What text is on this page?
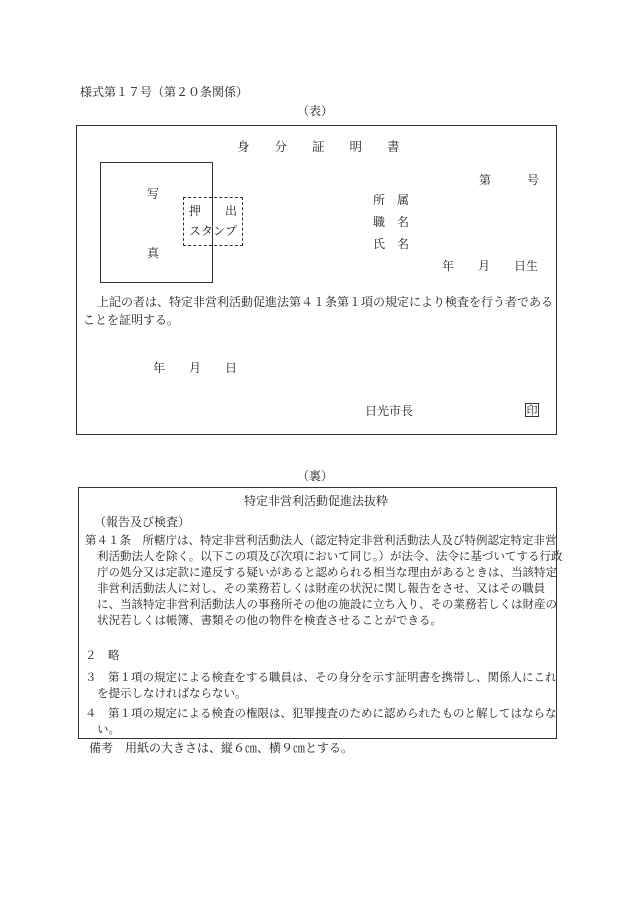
様式第１７号（第２０条関係）
（表）
身　　分　　証　　明　　書
写
真
押　　出
スタンプ
第　　　号
所　属
職　名
氏　名
年　　月　　日生
上記の者は、特定非営利活動促進法第４１条第１項の規定により検査を行う者であることを証明する。
年　　月　　日
日光市長	印
（裏）
特定非営利活動促進法抜粋
（報告及び検査）
第４１条　所轄庁は、特定非営利活動法人（認定特定非営利活動法人及び特例認定特定非営利活動法人を除く。以下この項及び次項において同じ。）が法令、法令に基づいてする行政庁の処分又は定款に違反する疑いがあると認められる相当な理由があるときは、当該特定非営利活動法人に対し、その業務若しくは財産の状況に関し報告をさせ、又はその職員に、当該特定非営利活動法人の事務所その他の施設に立ち入り、その業務若しくは財産の状況若しくは帳簿、書類その他の物件を検査させることができる。
２　略
３　第１項の規定による検査をする職員は、その身分を示す証明書を携帯し、関係人にこれを提示しなければならない。
４　第１項の規定による検査の権限は、犯罪捜査のために認められたものと解してはならない。
備考　用紙の大きさは、縦６㎝、横９㎝とする。
